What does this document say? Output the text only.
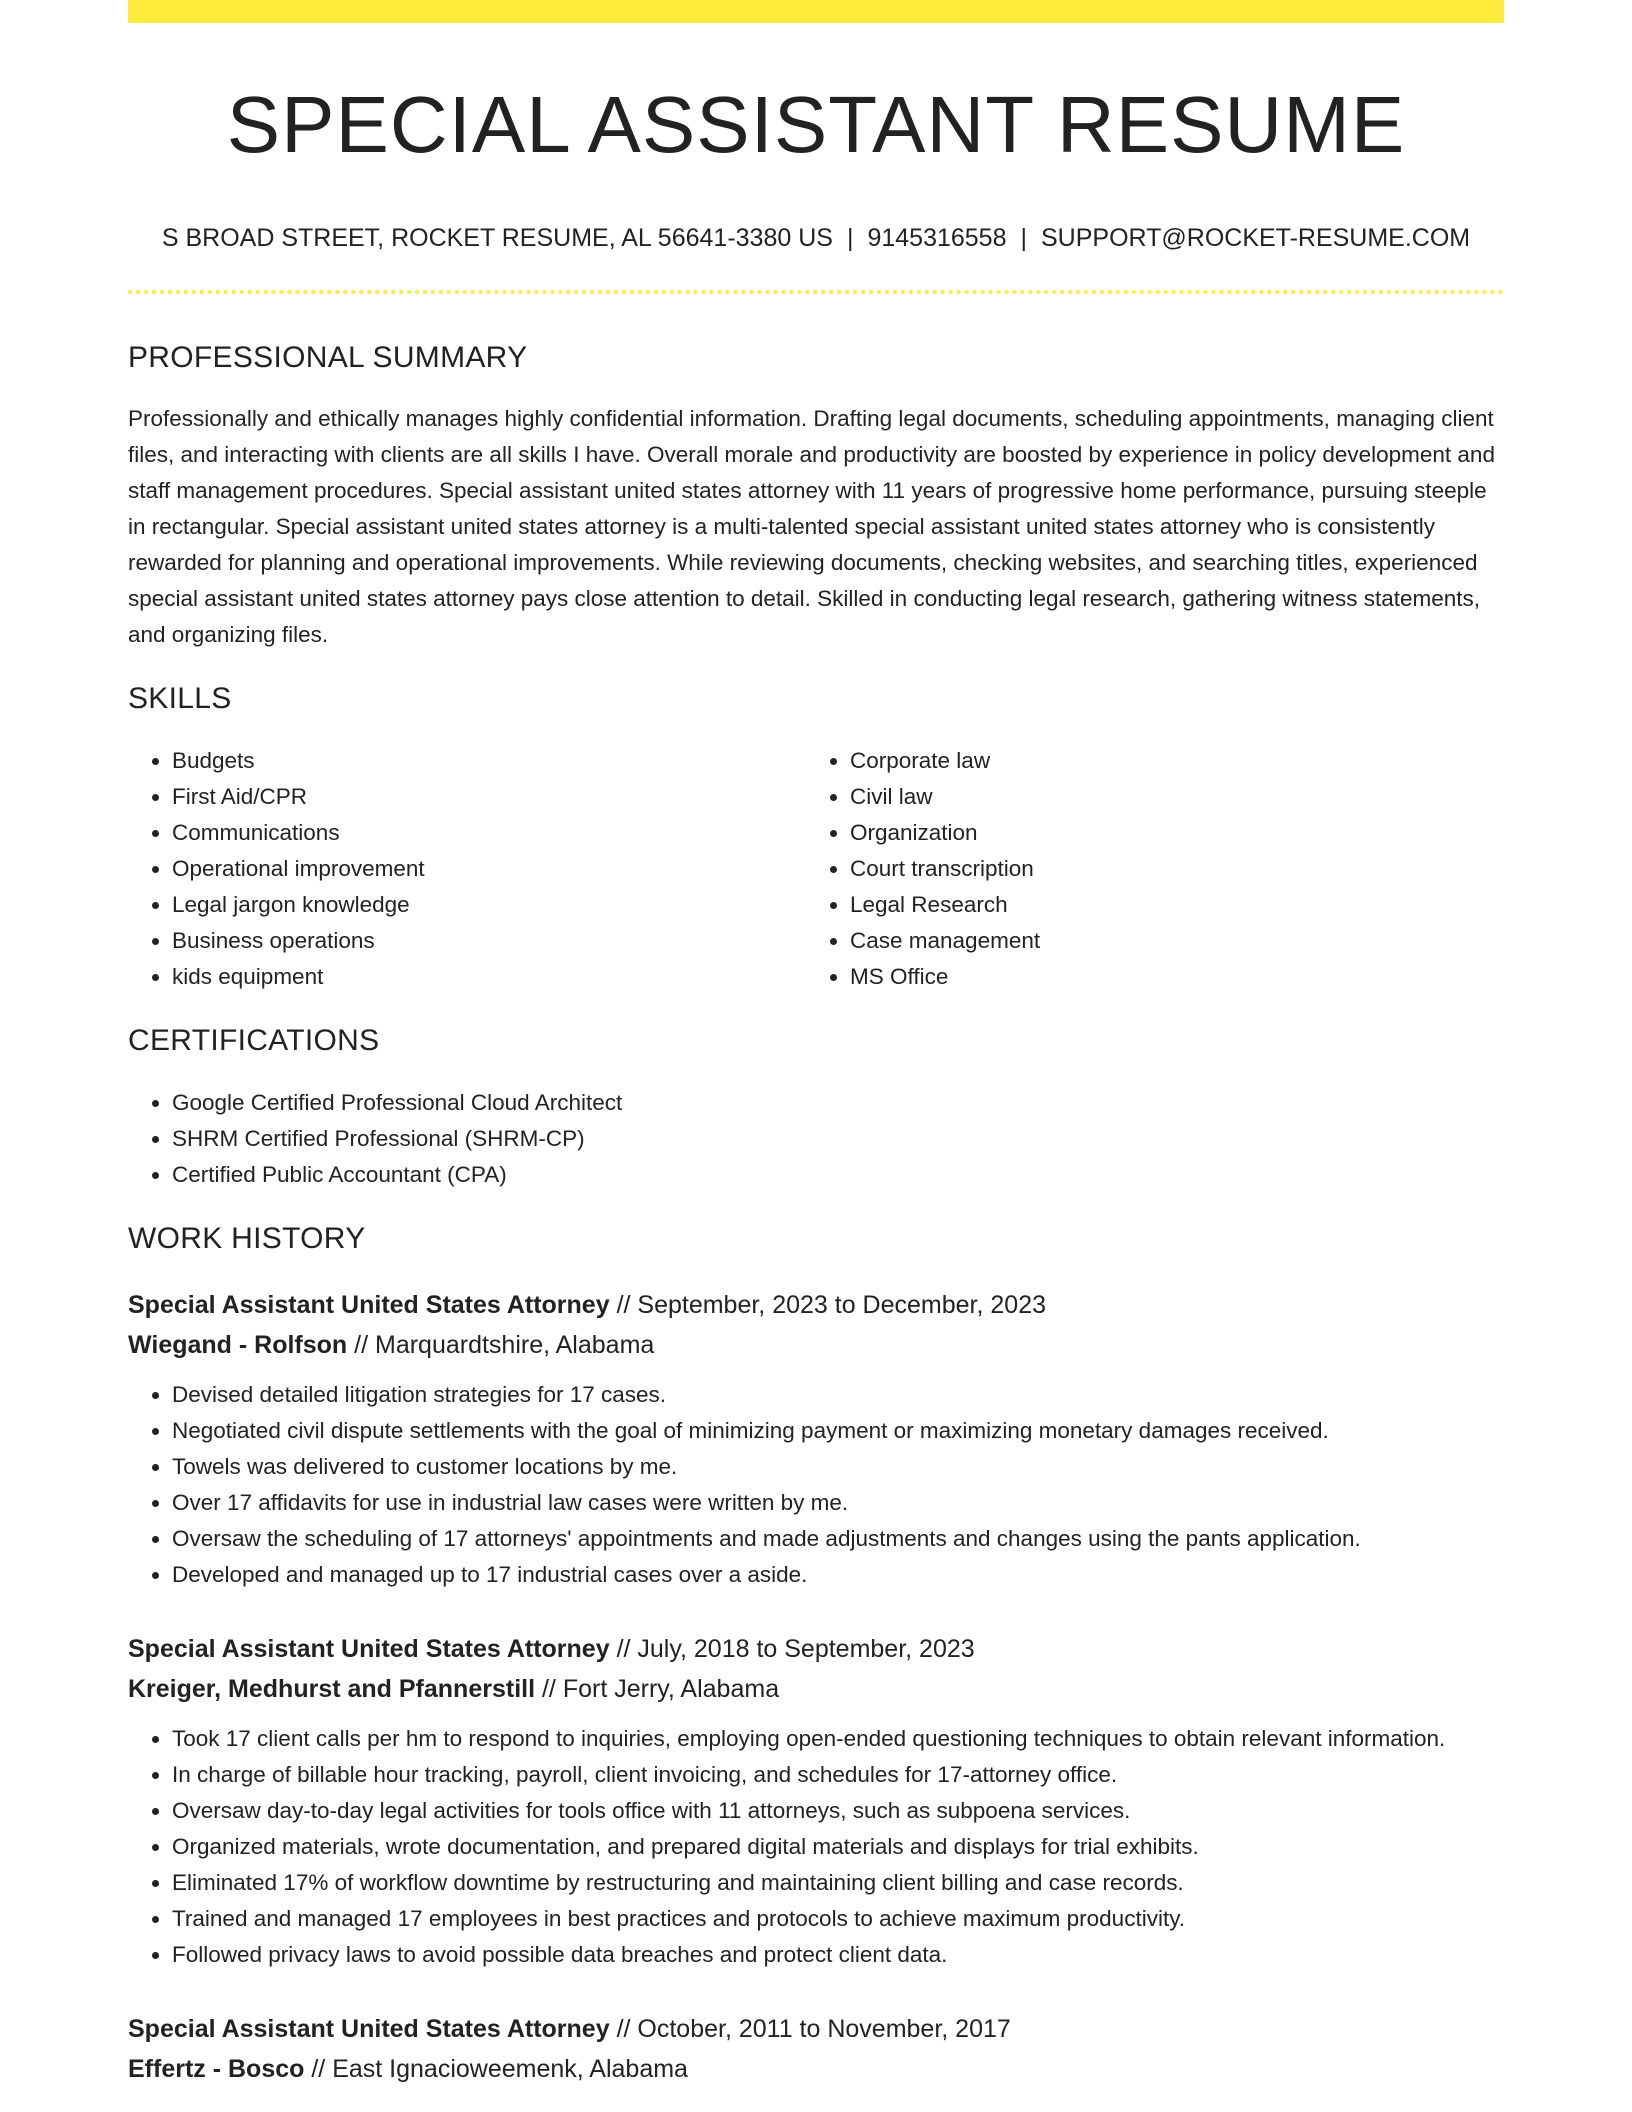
SPECIAL ASSISTANT RESUME
S BROAD STREET, ROCKET RESUME, AL 56641-3380 US | 9145316558 | SUPPORT@ROCKET-RESUME.COM
PROFESSIONAL SUMMARY

Professionally and ethically manages highly confidential information. Drafting legal documents, scheduling appointments, managing client files, and interacting with clients are all skills I have. Overall morale and productivity are boosted by experience in policy development and staff management procedures. Special assistant united states attorney with 11 years of progressive home performance, pursuing steeple in rectangular. Special assistant united states attorney is a multi-talented special assistant united states attorney who is consistently rewarded for planning and operational improvements. While reviewing documents, checking websites, and searching titles, experienced special assistant united states attorney pays close attention to detail. Skilled in conducting legal research, gathering witness statements, and organizing files.

SKILLS
• Budgets
• First Aid/CPR
• Communications
• Operational improvement
• Legal jargon knowledge
• Business operations
• kids equipment
• Corporate law
• Civil law
• Organization
• Court transcription
• Legal Research
• Case management
• MS Office
CERTIFICATIONS
• Google Certified Professional Cloud Architect
• SHRM Certified Professional (SHRM-CP)
• Certified Public Accountant (CPA)
WORK HISTORY
Special Assistant United States Attorney // September, 2023 to December, 2023
Wiegand - Rolfson // Marquardtshire, Alabama
• Devised detailed litigation strategies for 17 cases.
• Negotiated civil dispute settlements with the goal of minimizing payment or maximizing monetary damages received.
• Towels was delivered to customer locations by me.
• Over 17 affidavits for use in industrial law cases were written by me.
• Oversaw the scheduling of 17 attorneys' appointments and made adjustments and changes using the pants application.
• Developed and managed up to 17 industrial cases over a aside.
Special Assistant United States Attorney // July, 2018 to September, 2023
Kreiger, Medhurst and Pfannerstill // Fort Jerry, Alabama
• Took 17 client calls per hm to respond to inquiries, employing open-ended questioning techniques to obtain relevant information.
• In charge of billable hour tracking, payroll, client invoicing, and schedules for 17-attorney office.
• Oversaw day-to-day legal activities for tools office with 11 attorneys, such as subpoena services.
• Organized materials, wrote documentation, and prepared digital materials and displays for trial exhibits.
• Eliminated 17% of workflow downtime by restructuring and maintaining client billing and case records.
• Trained and managed 17 employees in best practices and protocols to achieve maximum productivity.
• Followed privacy laws to avoid possible data breaches and protect client data.
Special Assistant United States Attorney // October, 2011 to November, 2017
Effertz - Bosco // East Ignacioweemenk, Alabama
